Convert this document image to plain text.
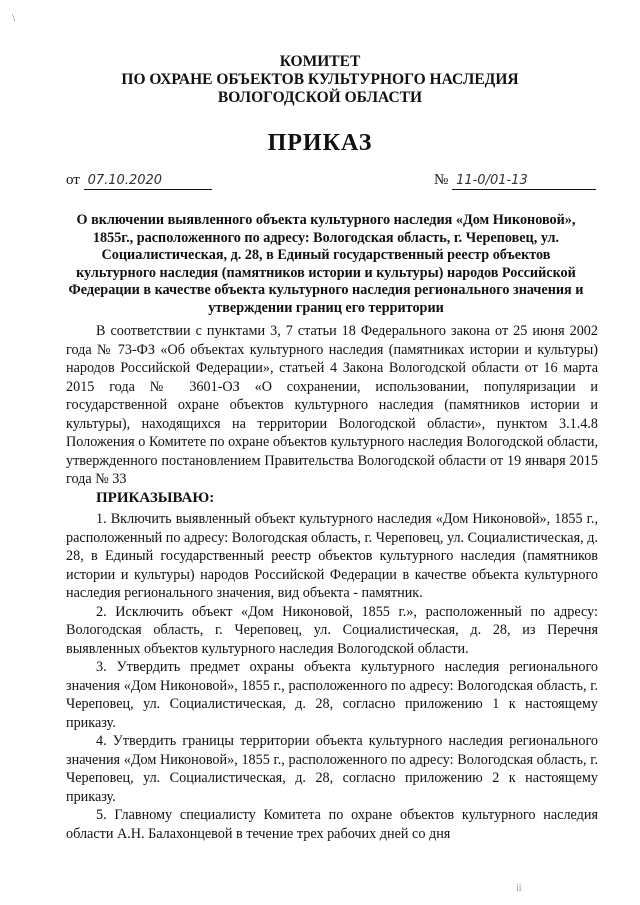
\
КОМИТЕТ
ПО ОХРАНЕ ОБЪЕКТОВ КУЛЬТУРНОГО НАСЛЕДИЯ
ВОЛОГОДСКОЙ ОБЛАСТИ
ПРИКАЗ
от 07.10.2020	№ 11-0/01-13
О включении выявленного объекта культурного наследия «Дом Никоновой», 1855г., расположенного по адресу: Вологодская область, г. Череповец, ул. Социалистическая, д. 28, в Единый государственный реестр объектов культурного наследия (памятников истории и культуры) народов Российской Федерации в качестве объекта культурного наследия регионального значения и утверждении границ его территории

В соответствии с пунктами 3, 7 статьи 18 Федерального закона от 25 июня 2002 года № 73-ФЗ «Об объектах культурного наследия (памятниках истории и культуры) народов Российской Федерации», статьей 4 Закона Вологодской области от 16 марта 2015 года № 3601-ОЗ «О сохранении, использовании, популяризации и государственной охране объектов культурного наследия (памятников истории и культуры), находящихся на территории Вологодской области», пунктом 3.1.4.8 Положения о Комитете по охране объектов культурного наследия Вологодской области, утвержденного постановлением Правительства Вологодской области от 19 января 2015 года № 33

ПРИКАЗЫВАЮ:

1. Включить выявленный объект культурного наследия «Дом Никоновой», 1855 г., расположенный по адресу: Вологодская область, г. Череповец, ул. Социалистическая, д. 28, в Единый государственный реестр объектов культурного наследия (памятников истории и культуры) народов Российской Федерации в качестве объекта культурного наследия регионального значения, вид объекта - памятник.

2. Исключить объект «Дом Никоновой, 1855 г.», расположенный по адресу: Вологодская область, г. Череповец, ул. Социалистическая, д. 28, из Перечня выявленных объектов культурного наследия Вологодской области.

3. Утвердить предмет охраны объекта культурного наследия регионального значения «Дом Никоновой», 1855 г., расположенного по адресу: Вологодская область, г. Череповец, ул. Социалистическая, д. 28, согласно приложению 1 к настоящему приказу.

4. Утвердить границы территории объекта культурного наследия регионального значения «Дом Никоновой», 1855 г., расположенного по адресу: Вологодская область, г. Череповец, ул. Социалистическая, д. 28, согласно приложению 2 к настоящему приказу.

5. Главному специалисту Комитета по охране объектов культурного наследия области А.Н. Балахонцевой в течение трех рабочих дней со дня

ii
